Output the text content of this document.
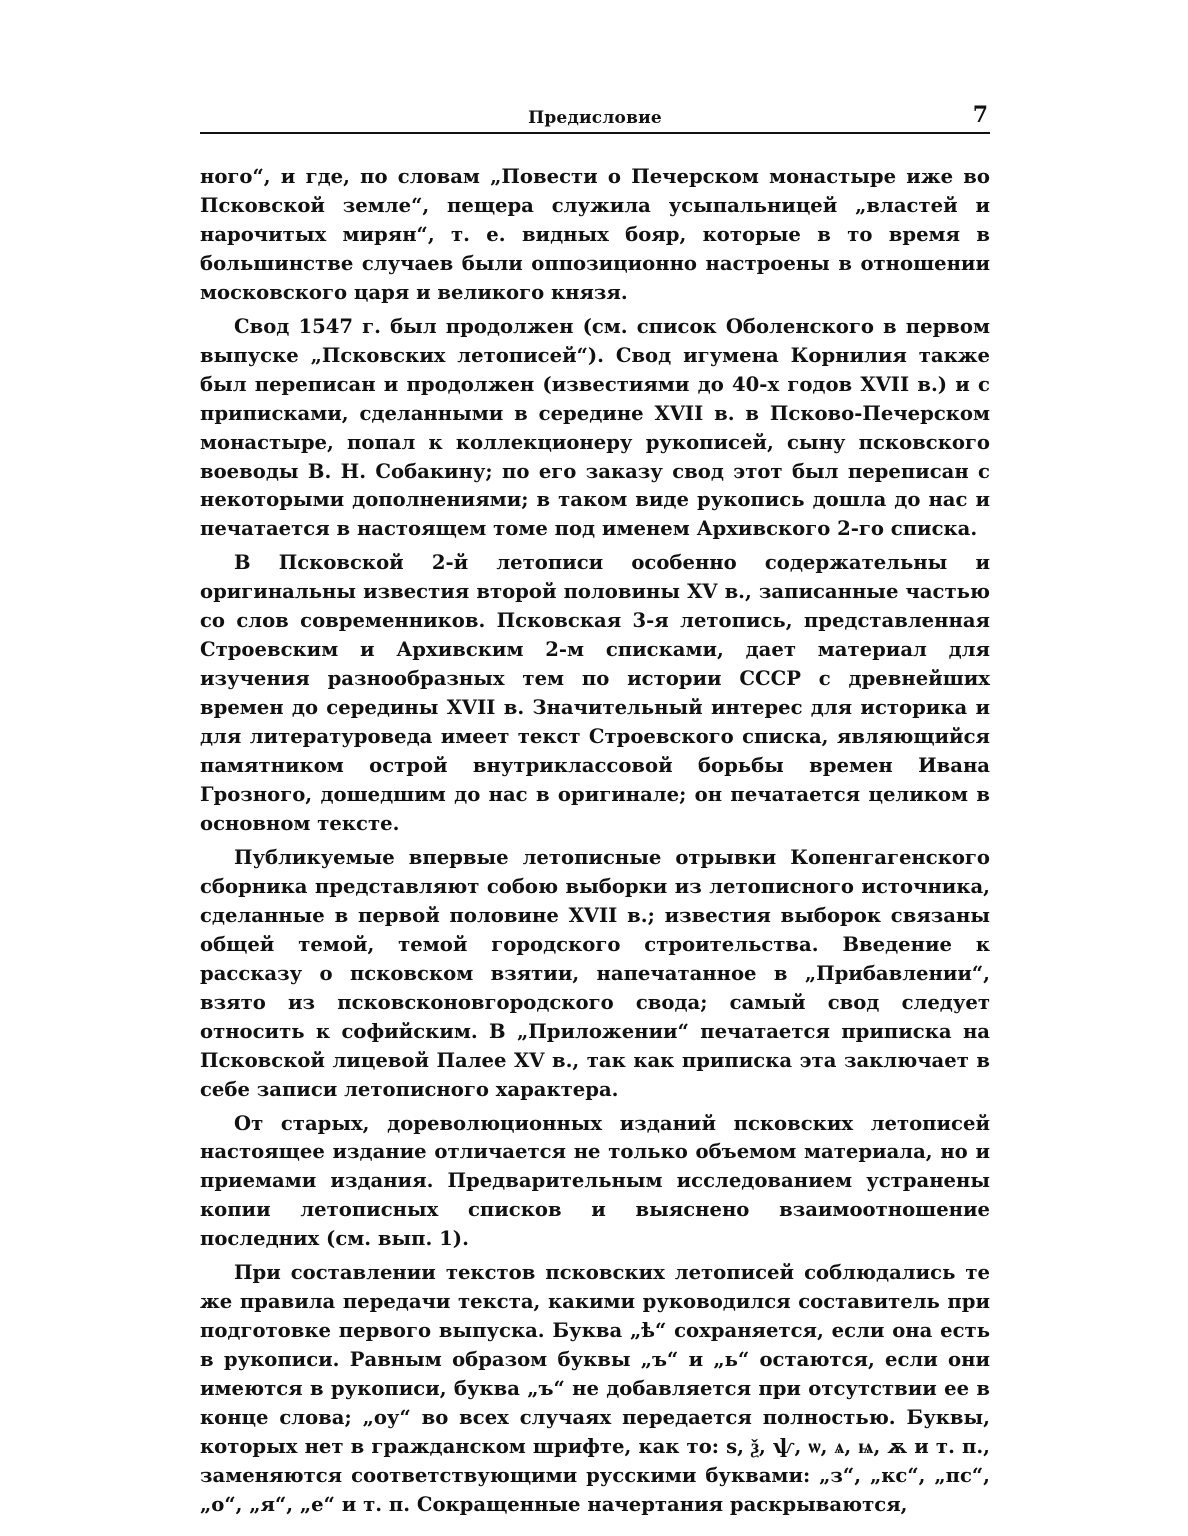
Предисловие	7

ного“, и где, по словам „Повести о Печерском монастыре иже во Псковской земле“, пещера служила усыпальницей „властей и нарочитых мирян“, т. е. видных бояр, которые в то время в большинстве случаев были оппозиционно настроены в отношении московского царя и великого князя.

Свод 1547 г. был продолжен (см. список Оболенского в первом выпуске „Псковских летописей“). Свод игумена Корнилия также был переписан и продолжен (известиями до 40-х годов XVII в.) и с приписками, сделанными в середине XVII в. в Псково-Печерском монастыре, попал к коллекционеру рукописей, сыну псковского воеводы В. Н. Собакину; по его заказу свод этот был переписан с некоторыми дополнениями; в таком виде рукопись дошла до нас и печатается в настоящем томе под именем Архивского 2-го списка.

В Псковской 2-й летописи особенно содержательны и оригинальны известия второй половины XV в., записанные частью со слов современников. Псковская 3-я летопись, представленная Строевским и Архивским 2-м списками, дает материал для изучения разнообразных тем по истории СССР с древнейших времен до середины XVII в. Значительный интерес для историка и для литературоведа имеет текст Строевского списка, являющийся памятником острой внутриклассовой борьбы времен Ивана Грозного, дошедшим до нас в оригинале; он печатается целиком в основном тексте.

Публикуемые впервые летописные отрывки Копенгагенского сборника представляют собою выборки из летописного источника, сделанные в первой половине XVII в.; известия выборок связаны общей темой, темой городского строительства. Введение к рассказу о псковском взятии, напечатанное в „Прибавлении“, взято из псковсконовгородского свода; самый свод следует относить к софийским. В „Приложении“ печатается приписка на Псковской лицевой Палее XV в., так как приписка эта заключает в себе записи летописного характера.

От старых, дореволюционных изданий псковских летописей настоящее издание отличается не только объемом материала, но и приемами издания. Предварительным исследованием устранены копии летописных списков и выяснено взаимоотношение последних (см. вып. 1).

При составлении текстов псковских летописей соблюдались те же правила передачи текста, какими руководился составитель при подготовке первого выпуска. Буква „ѣ“ сохраняется, если она есть в рукописи. Равным образом буквы „ъ“ и „ь“ остаются, если они имеются в рукописи, буква „ъ“ не добавляется при отсутствии ее в конце слова; „оу“ во всех случаях передается полностью. Буквы, которых нет в гражданском шрифте, как то: ѕ, ѯ, ѱ, ѡ, ѧ, ѩ, ѫ и т. п., заменяются соответствующими русскими буквами: „з“, „кс“, „пс“, „о“, „я“, „е“ и т. п. Сокращенные начертания раскрываются,
